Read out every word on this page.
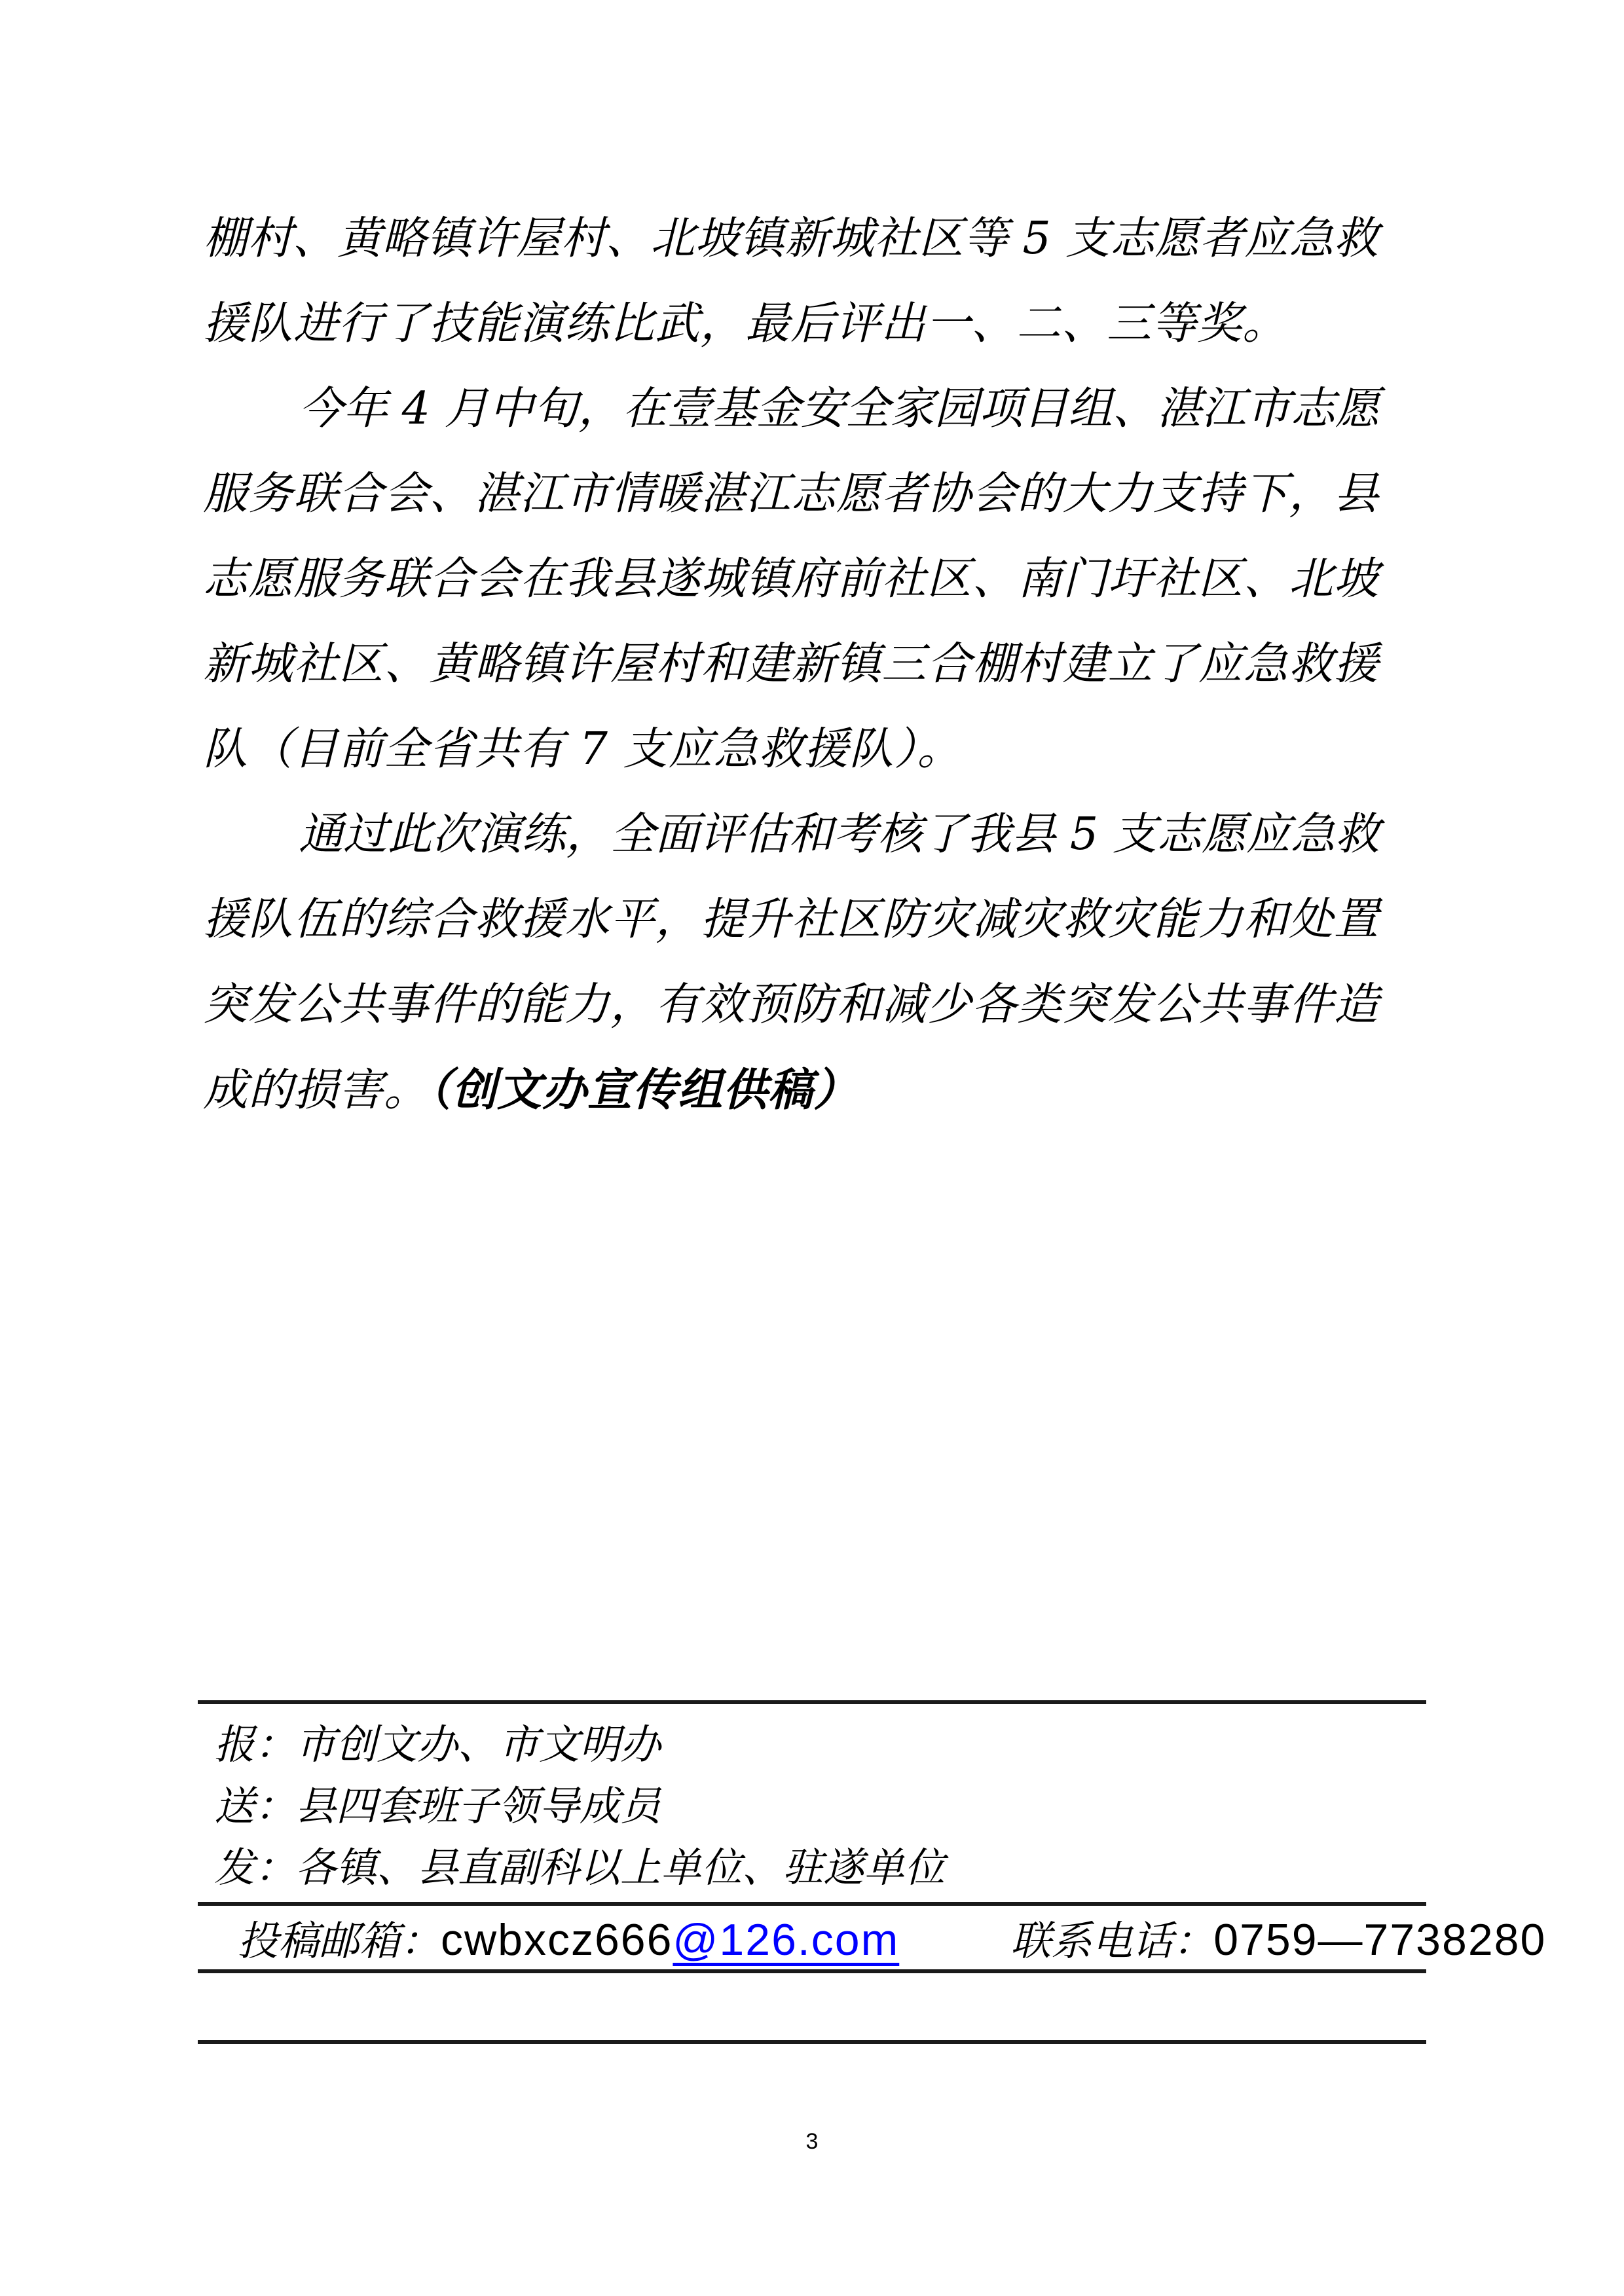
棚 村 、 黄 略 镇 许 屋 村 、 北 坡 镇 新 城 社 区 等
5
支 志 愿 者 应 急 救
援队进行了技能演练比武，最后评出一、二、三等奖。
今 年
4
月 中 旬 ， 在 壹 基 金 安 全 家 园 项 目 组 、 湛 江 市 志 愿
服 务 联 合 会 、 湛 江 市 情 暖 湛 江 志 愿 者 协 会 的 大 力 支 持 下 ， 县
志 愿 服 务 联 合 会 在 我 县 遂 城 镇 府 前 社 区 、 南 门 圩 社 区 、 北 坡
新 城 社 区 、 黄 略 镇 许 屋 村 和 建 新 镇 三 合 棚 村 建 立 了 应 急 救 援
队（目前全省共有 7 支应急救援队）。
通 过 此 次 演 练 ， 全 面 评 估 和 考 核 了 我 县
5
支 志 愿 应 急 救
援 队 伍 的 综 合 救 援 水 平 ， 提 升 社 区 防 灾 减 灾 救 灾 能 力 和 处 置
突 发 公 共 事 件 的 能 力 ， 有 效 预 防 和 减 少 各 类 突 发 公 共 事 件 造
成的损害。（创文办宣传组供稿）
报：市创文办、市文明办
送：县四套班子领导成员
发：各镇、县直副科以上单位、驻遂单位
投稿邮箱：cwbxcz666@126.com	联系电话：0759—7738280
3
